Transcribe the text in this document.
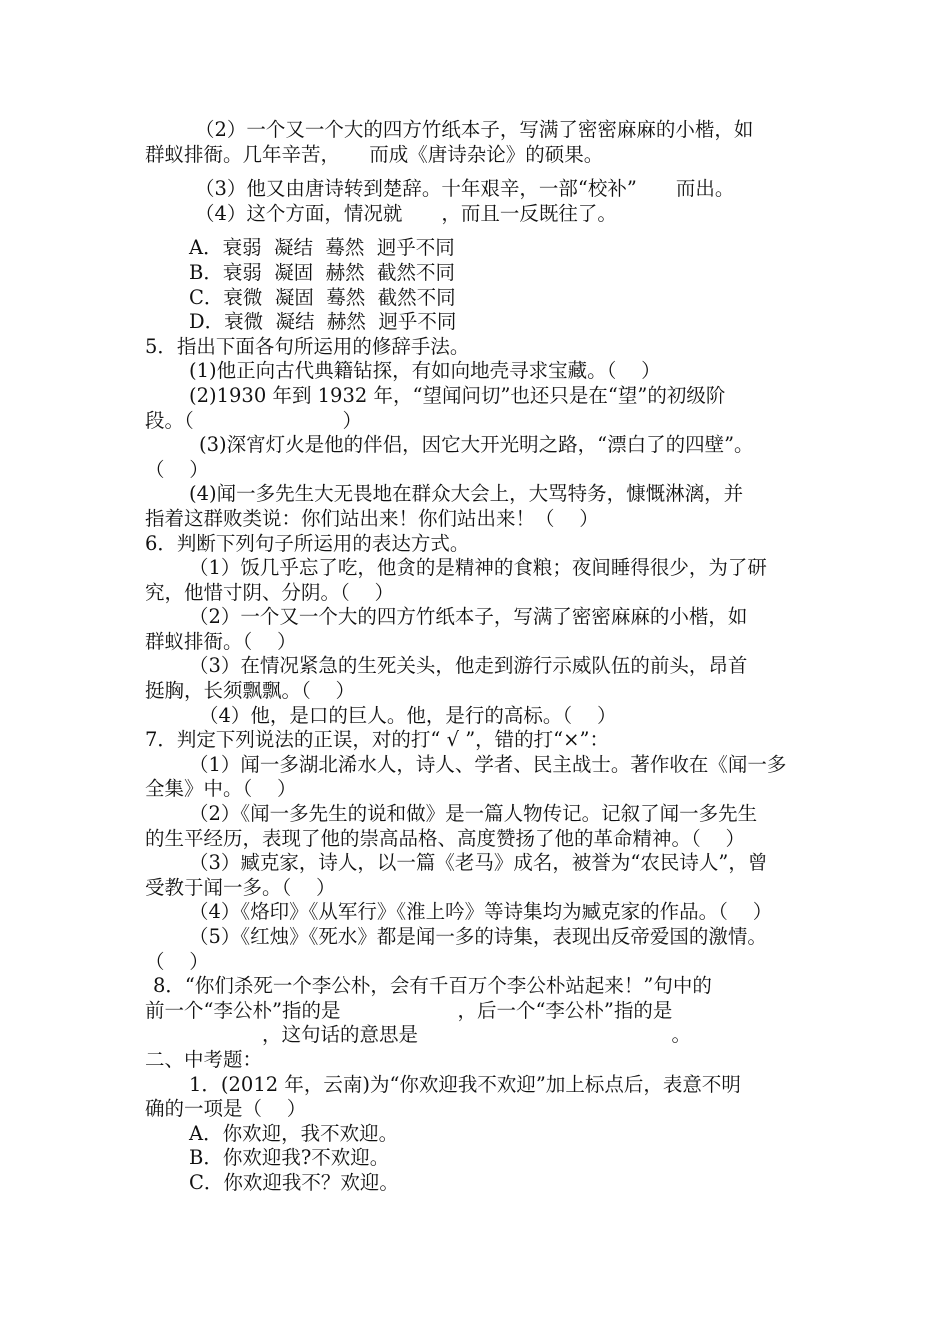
（2）一个又一个大的四方竹纸本子，写满了密密麻麻的小楷，如
群蚁排衙。几年辛苦，　　而成《唐诗杂论》的硕果。
（3）他又由唐诗转到楚辞。十年艰辛，一部“校补”　　而出。
（4）这个方面，情况就　　，而且一反既往了。
A．衰弱  凝结  蓦然  迥乎不同
B．衰弱  凝固  赫然  截然不同
C．衰微  凝固  蓦然  截然不同
D．衰微  凝结  赫然  迥乎不同
5．指出下面各句所运用的修辞手法。
(1)他正向古代典籍钻探，有如向地壳寻求宝藏。（    ）
(2)1930 年到 1932 年，“望闻问切”也还只是在“望”的初级阶
段。（                        ）
(3)深宵灯火是他的伴侣，因它大开光明之路，“漂白了的四壁”。
（    ）
(4)闻一多先生大无畏地在群众大会上，大骂特务，慷慨淋漓，并
指着这群败类说：你们站出来！你们站出来！（    ）
6．判断下列句子所运用的表达方式。
（1）饭几乎忘了吃，他贪的是精神的食粮；夜间睡得很少，为了研
究，他惜寸阴、分阴。（    ）
（2）一个又一个大的四方竹纸本子，写满了密密麻麻的小楷，如
群蚁排衙。（    ）
（3）在情况紧急的生死关头，他走到游行示威队伍的前头，昂首
挺胸，长须飘飘。（    ）
（4）他，是口的巨人。他，是行的高标。（    ）
7．判定下列说法的正误，对的打“ √ ”，错的打“×”：
（1）闻一多湖北浠水人，诗人、学者、民主战士。著作收在《闻一多
全集》中。（    ）
（2）《闻一多先生的说和做》是一篇人物传记。记叙了闻一多先生
的生平经历，表现了他的崇高品格、高度赞扬了他的革命精神。（    ）
（3）臧克家，诗人，以一篇《老马》成名，被誉为“农民诗人”，曾
受教于闻一多。（    ）
（4）《烙印》《从军行》《淮上吟》等诗集均为臧克家的作品。（    ）
（5）《红烛》《死水》都是闻一多的诗集，表现出反帝爱国的激情。
（    ）
8．“你们杀死一个李公朴，会有千百万个李公朴站起来！”句中的
前一个“李公朴”指的是　　　　　　，后一个“李公朴”指的是
　　　　　　，这句话的意思是　　　　　　　　　　　　　。
二、中考题：
1．(2012 年，云南)为“你欢迎我不欢迎”加上标点后，表意不明
确的一项是（    ）
A．你欢迎，我不欢迎。
B．你欢迎我?不欢迎。
C．你欢迎我不？欢迎。
